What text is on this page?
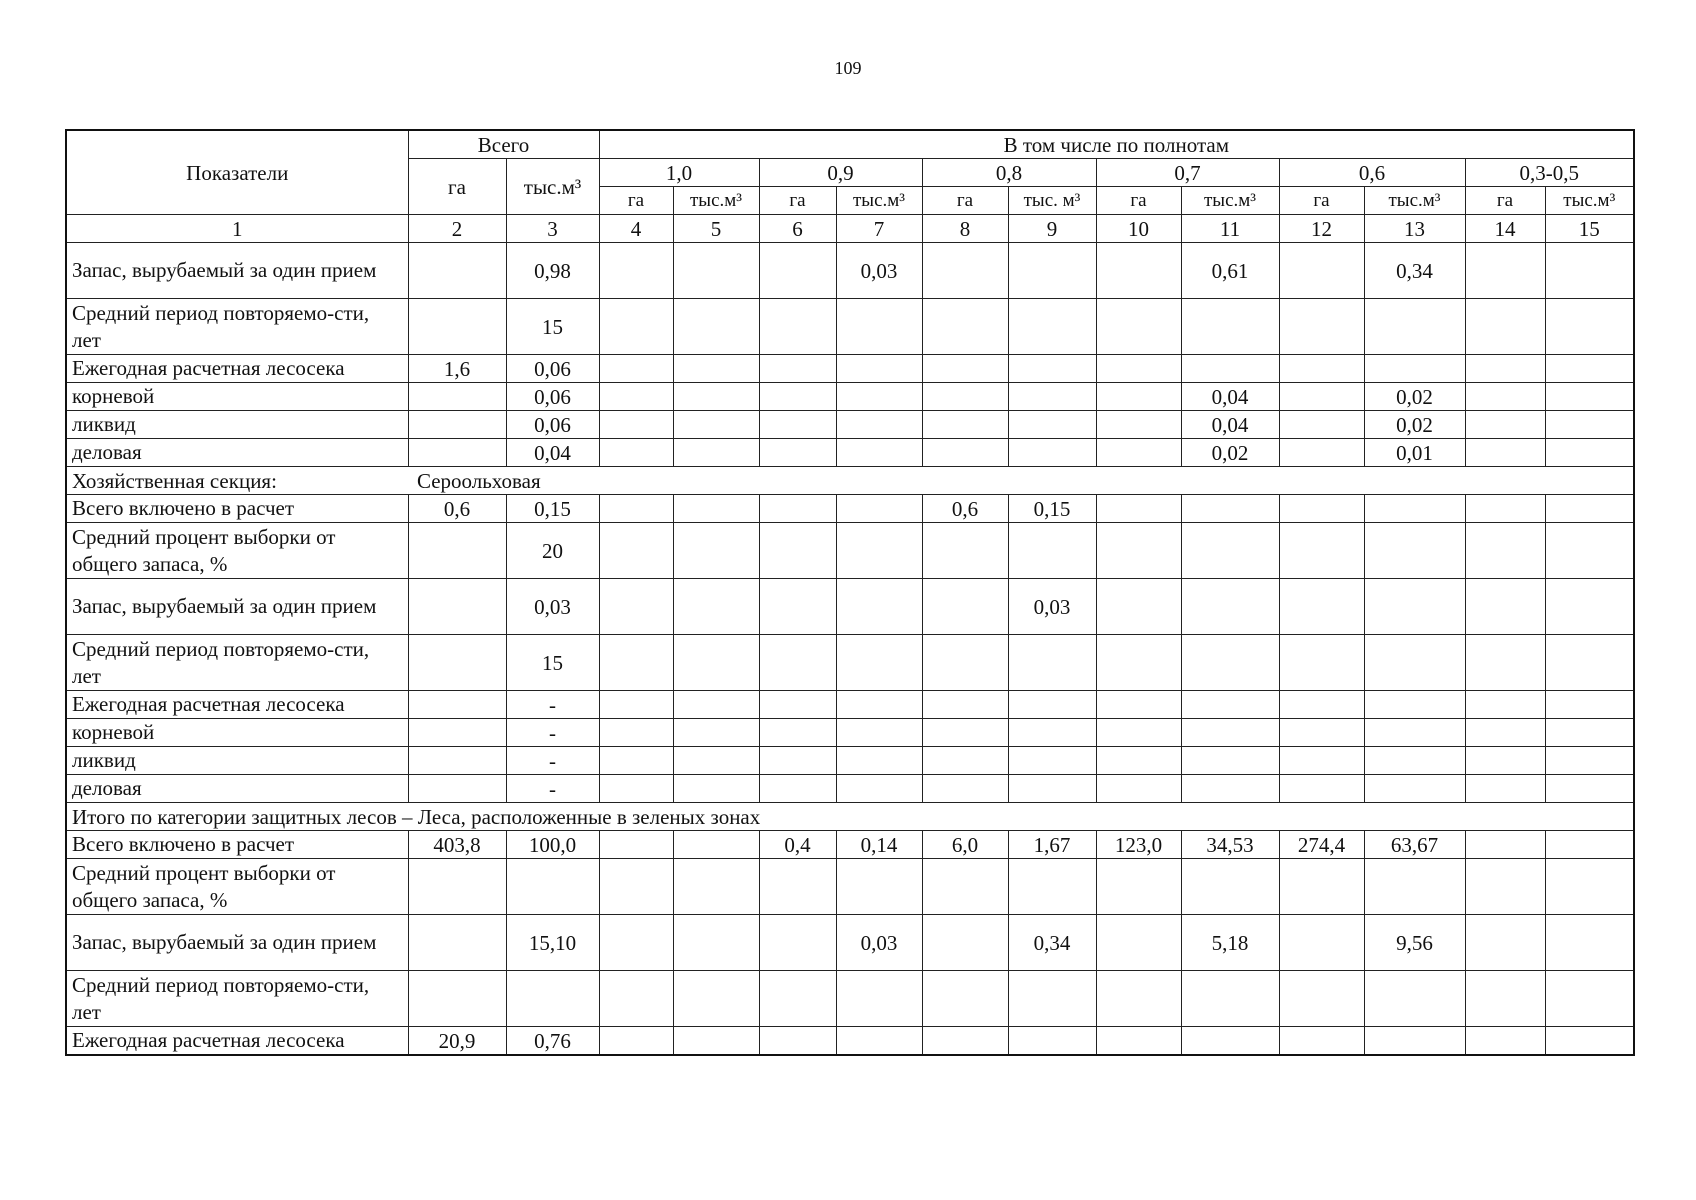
109
Показатели	Всего		В том числе по полнотам											
	га	тыс.м³	1,0		0,9		0,8		0,7		0,6		0,3-0,5	
			га	тыс.м³	га	тыс.м³	га	тыс. м³	га	тыс.м³	га	тыс.м³	га	тыс.м³
1	2	3	4	5	6	7	8	9	10	11	12	13	14	15
Запас, вырубаемый за один прием		0,98				0,03				0,61		0,34		
Средний период повторяемо-сти, лет		15												
Ежегодная расчетная лесосека	1,6	0,06												
корневой		0,06								0,04		0,02		
ликвид		0,06								0,04		0,02		
деловая		0,04								0,02		0,01		
Хозяйственная секция: Сероольховая														
Всего включено в расчет	0,6	0,15					0,6	0,15						
Средний процент выборки от общего запаса, %		20												
Запас, вырубаемый за один прием		0,03						0,03						
Средний период повторяемо-сти, лет		15												
Ежегодная расчетная лесосека		-												
корневой		-												
ликвид		-												
деловая		-												
Итого по категории защитных лесов – Леса, расположенные в зеленых зонах														
Всего включено в расчет	403,8	100,0			0,4	0,14	6,0	1,67	123,0	34,53	274,4	63,67		
Средний процент выборки от общего запаса, %														
Запас, вырубаемый за один прием		15,10				0,03		0,34		5,18		9,56		
Средний период повторяемо-сти, лет														
Ежегодная расчетная лесосека	20,9	0,76												
